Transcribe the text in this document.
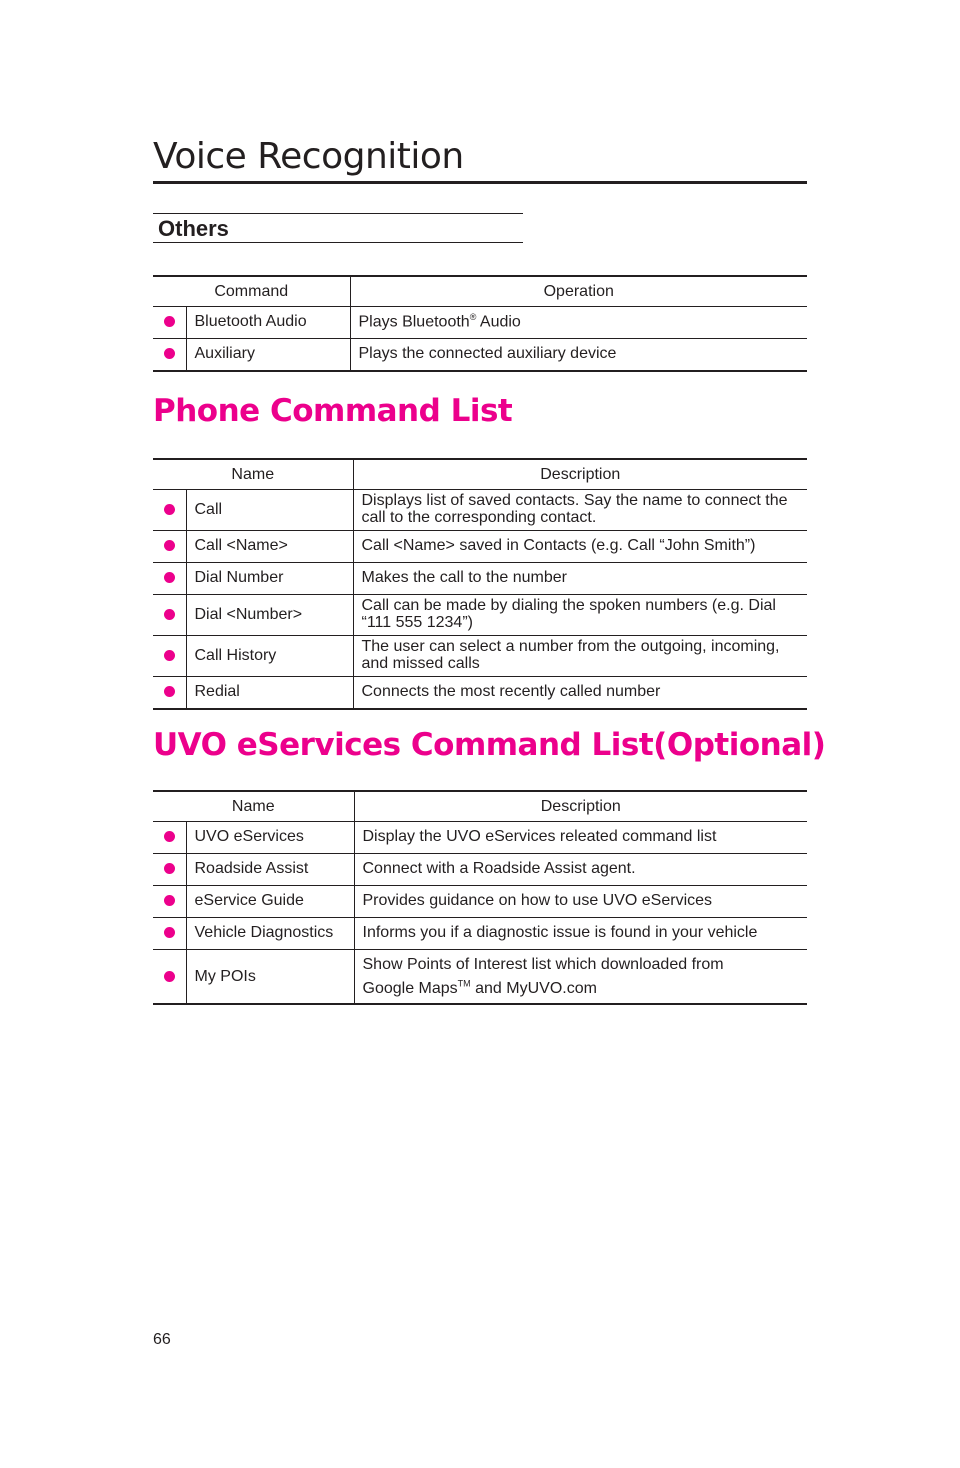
Voice Recognition
Others
Command		Operation
	Bluetooth Audio	Plays Bluetooth® Audio
	Auxiliary	Plays the connected auxiliary device
Phone Command List
Name		Description
	Call	Displays list of saved contacts. Say the name to connect the call to the corresponding contact.
	Call <Name>	Call <Name> saved in Contacts (e.g. Call “John Smith”)
	Dial Number	Makes the call to the number
	Dial <Number>	Call can be made by dialing the spoken numbers (e.g. Dial “111 555 1234”)
	Call History	The user can select a number from the outgoing, incoming, and missed calls
	Redial	Connects the most recently called number
UVO eServices Command List(Optional)
Name		Description
	UVO eServices	Display the UVO eServices releated command list
	Roadside Assist	Connect with a Roadside Assist agent.
	eService Guide	Provides guidance on how to use UVO eServices
	Vehicle Diagnostics	Informs you if a diagnostic issue is found in your vehicle
	My POIs	Show Points of Interest list which downloaded from
Google Maps™ and MyUVO.com
66
